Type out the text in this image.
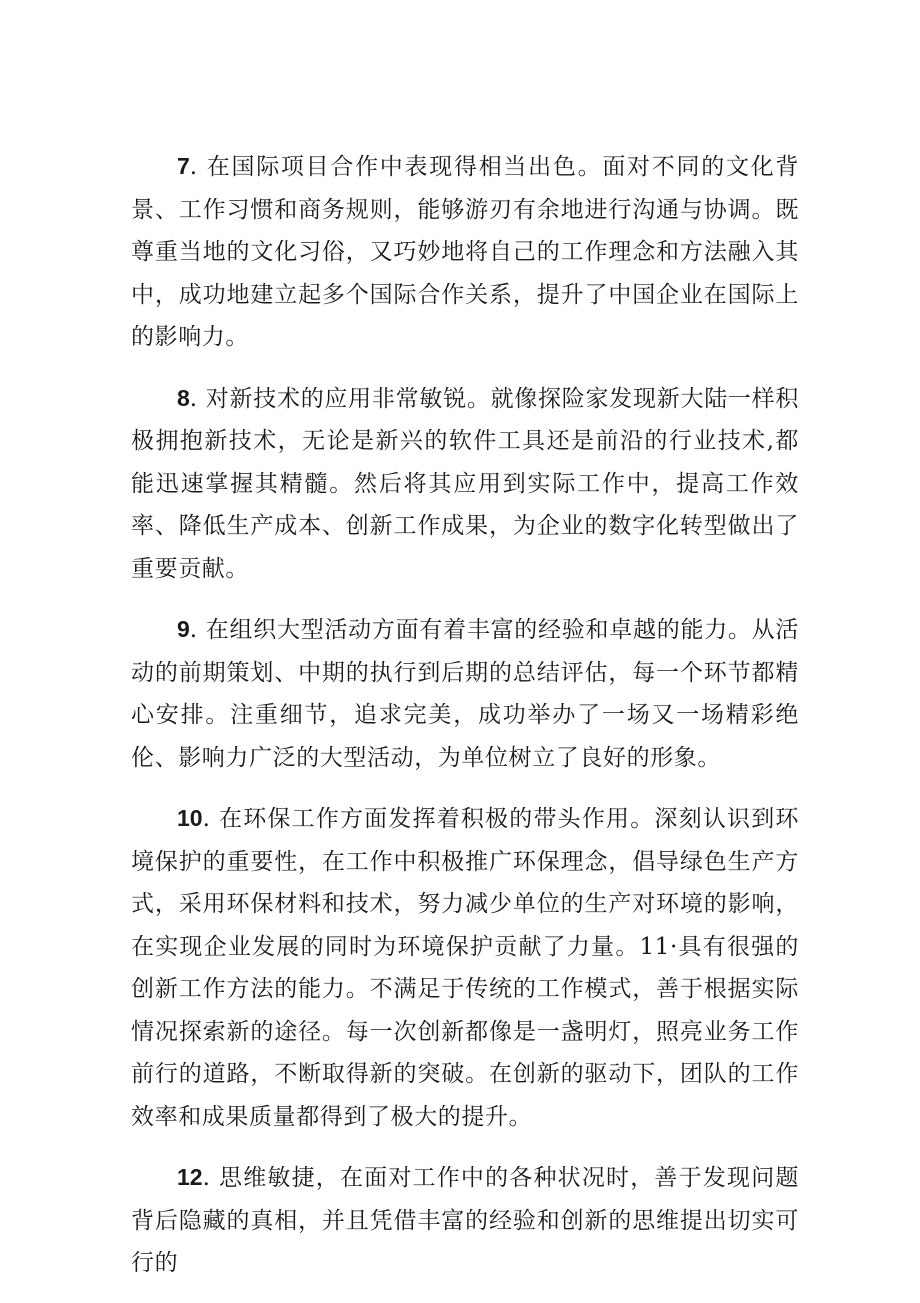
7. 在国际项目合作中表现得相当出色。面对不同的文化背景、工作习惯和商务规则，能够游刃有余地进行沟通与协调。既尊重当地的文化习俗，又巧妙地将自己的工作理念和方法融入其中，成功地建立起多个国际合作关系，提升了中国企业在国际上的影响力。

8. 对新技术的应用非常敏锐。就像探险家发现新大陆一样积极拥抱新技术，无论是新兴的软件工具还是前沿的行业技术,都能迅速掌握其精髓。然后将其应用到实际工作中，提高工作效率、降低生产成本、创新工作成果，为企业的数字化转型做出了重要贡献。

9. 在组织大型活动方面有着丰富的经验和卓越的能力。从活动的前期策划、中期的执行到后期的总结评估，每一个环节都精心安排。注重细节，追求完美，成功举办了一场又一场精彩绝伦、影响力广泛的大型活动，为单位树立了良好的形象。

10. 在环保工作方面发挥着积极的带头作用。深刻认识到环境保护的重要性，在工作中积极推广环保理念，倡导绿色生产方式，采用环保材料和技术，努力减少单位的生产对环境的影响，在实现企业发展的同时为环境保护贡献了力量。11·具有很强的创新工作方法的能力。不满足于传统的工作模式，善于根据实际情况探索新的途径。每一次创新都像是一盏明灯，照亮业务工作前行的道路，不断取得新的突破。在创新的驱动下，团队的工作效率和成果质量都得到了极大的提升。

12. 思维敏捷，在面对工作中的各种状况时，善于发现问题背后隐藏的真相，并且凭借丰富的经验和创新的思维提出切实可行的
